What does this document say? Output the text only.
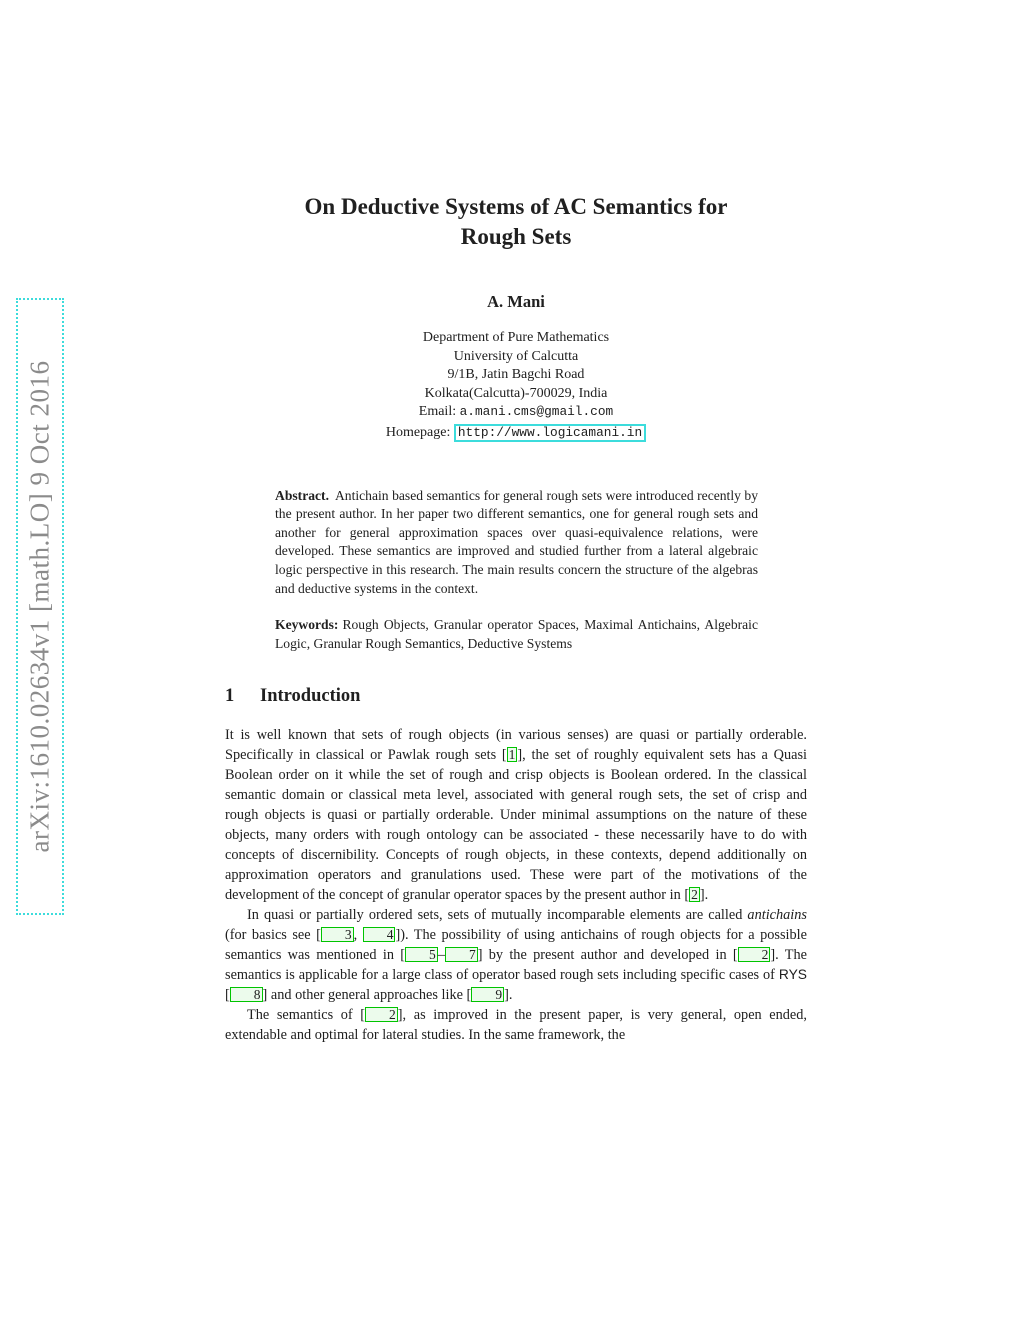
arXiv:1610.02634v1 [math.LO] 9 Oct 2016
On Deductive Systems of AC Semantics for
Rough Sets
A. Mani
Department of Pure Mathematics
University of Calcutta
9/1B, Jatin Bagchi Road
Kolkata(Calcutta)-700029, India
Email: a.mani.cms@gmail.com
Homepage: http://www.logicamani.in
Abstract. Antichain based semantics for general rough sets were introduced recently by the present author. In her paper two different semantics, one for general rough sets and another for general approximation spaces over quasi-equivalence relations, were developed. These semantics are improved and studied further from a lateral algebraic logic perspective in this research. The main results concern the structure of the algebras and deductive systems in the context.
Keywords: Rough Objects, Granular operator Spaces, Maximal Antichains, Algebraic Logic, Granular Rough Semantics, Deductive Systems
1 Introduction

It is well known that sets of rough objects (in various senses) are quasi or partially orderable. Specifically in classical or Pawlak rough sets [ 1 ], the set of roughly equivalent sets has a Quasi Boolean order on it while the set of rough and crisp objects is Boolean ordered. In the classical semantic domain or classical meta level, associated with general rough sets, the set of crisp and rough objects is quasi or partially orderable. Under minimal assumptions on the nature of these objects, many orders with rough ontology can be associated - these necessarily have to do with concepts of discernibility. Concepts of rough objects, in these contexts, depend additionally on approximation operators and granulations used. These were part of the motivations of the development of the concept of granular operator spaces by the present author in [ 2 ].

In quasi or partially ordered sets, sets of mutually incomparable elements are called antichains (for basics see [ 3 , 4 ]). The possibility of using antichains of rough objects for a possible semantics was mentioned in [ 5 – 7 ] by the present author and developed in [ 2 ]. The semantics is applicable for a large class of operator based rough sets including specific cases of RYS [ 8 ] and other general approaches like [ 9 ].

The semantics of [ 2 ], as improved in the present paper, is very general, open ended, extendable and optimal for lateral studies. In the same framework, the
